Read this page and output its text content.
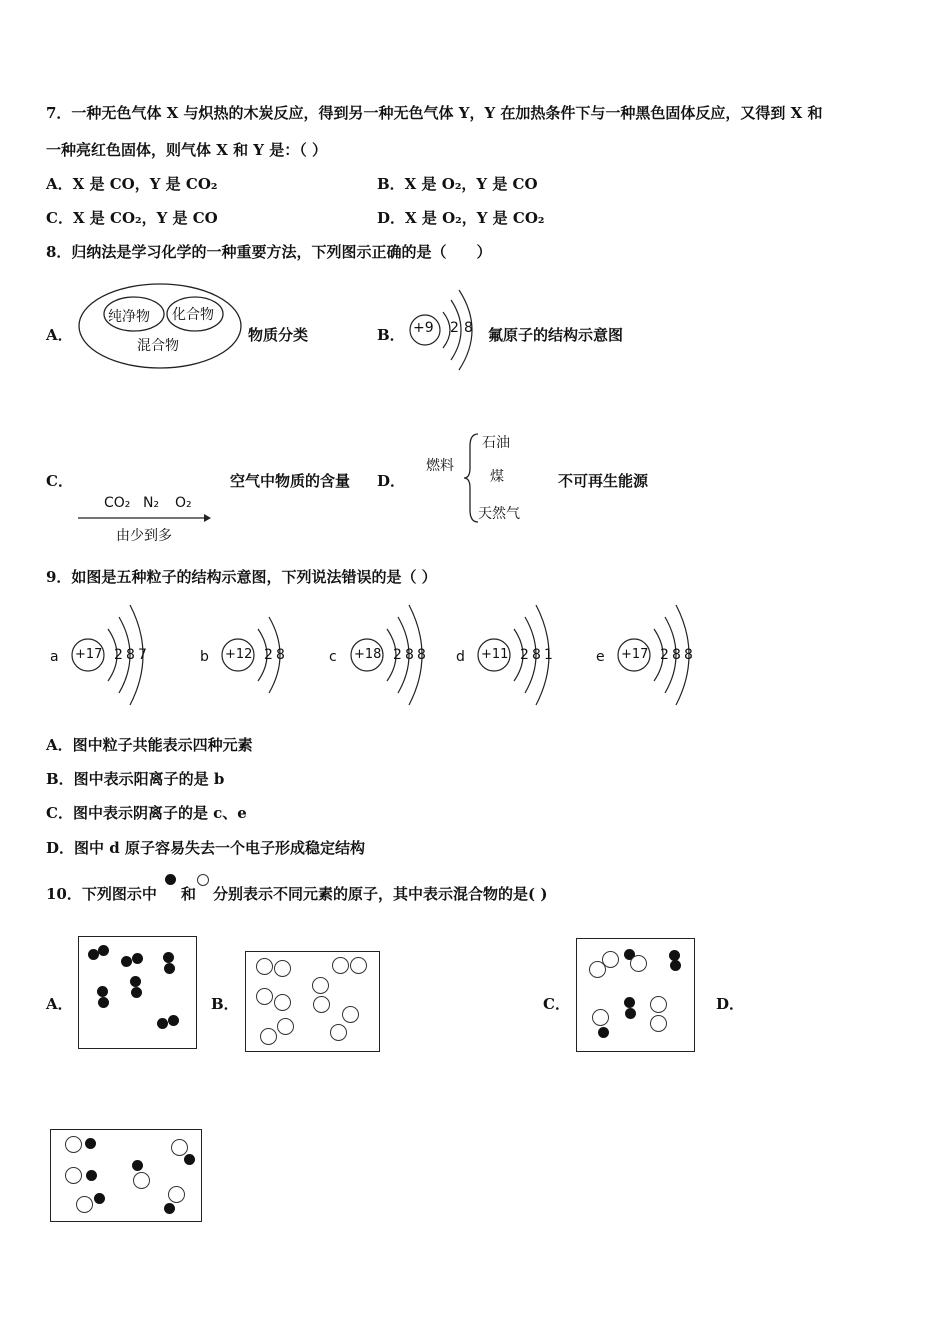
7．一种无色气体 X 与炽热的木炭反应，得到另一种无色气体 Y，Y 在加热条件下与一种黑色固体反应，又得到 X 和
一种亮红色固体，则气体 X 和 Y 是：（ ）
A．X 是 CO，Y 是 CO₂	B．X 是 O₂，Y 是 CO
C．X 是 CO₂，Y 是 CO	D．X 是 O₂，Y 是 CO₂
8．归纳法是学习化学的一种重要方法，下列图示正确的是（　　）
A．
纯净物 化合物
混合物
物质分类	B． +9 2 8 氟原子的结构示意图
C．
CO₂ N₂ O₂
由少到多
空气中物质的含量 D．
燃料
石油
煤
天然气
不可再生能源
9．如图是五种粒子的结构示意图，下列说法错误的是（ ）
a +17 2 8 7	b +12 2 8	c +18 2 8 8 d +11 2 8 1	e +17 2 8 8
A．图中粒子共能表示四种元素
B．图中表示阳离子的是 b
C．图中表示阴离子的是 c、e
D．图中 d 原子容易失去一个电子形成稳定结构
10．下列图示中 和 分别表示不同元素的原子，其中表示混合物的是( )
A．	B．	C．	D．
